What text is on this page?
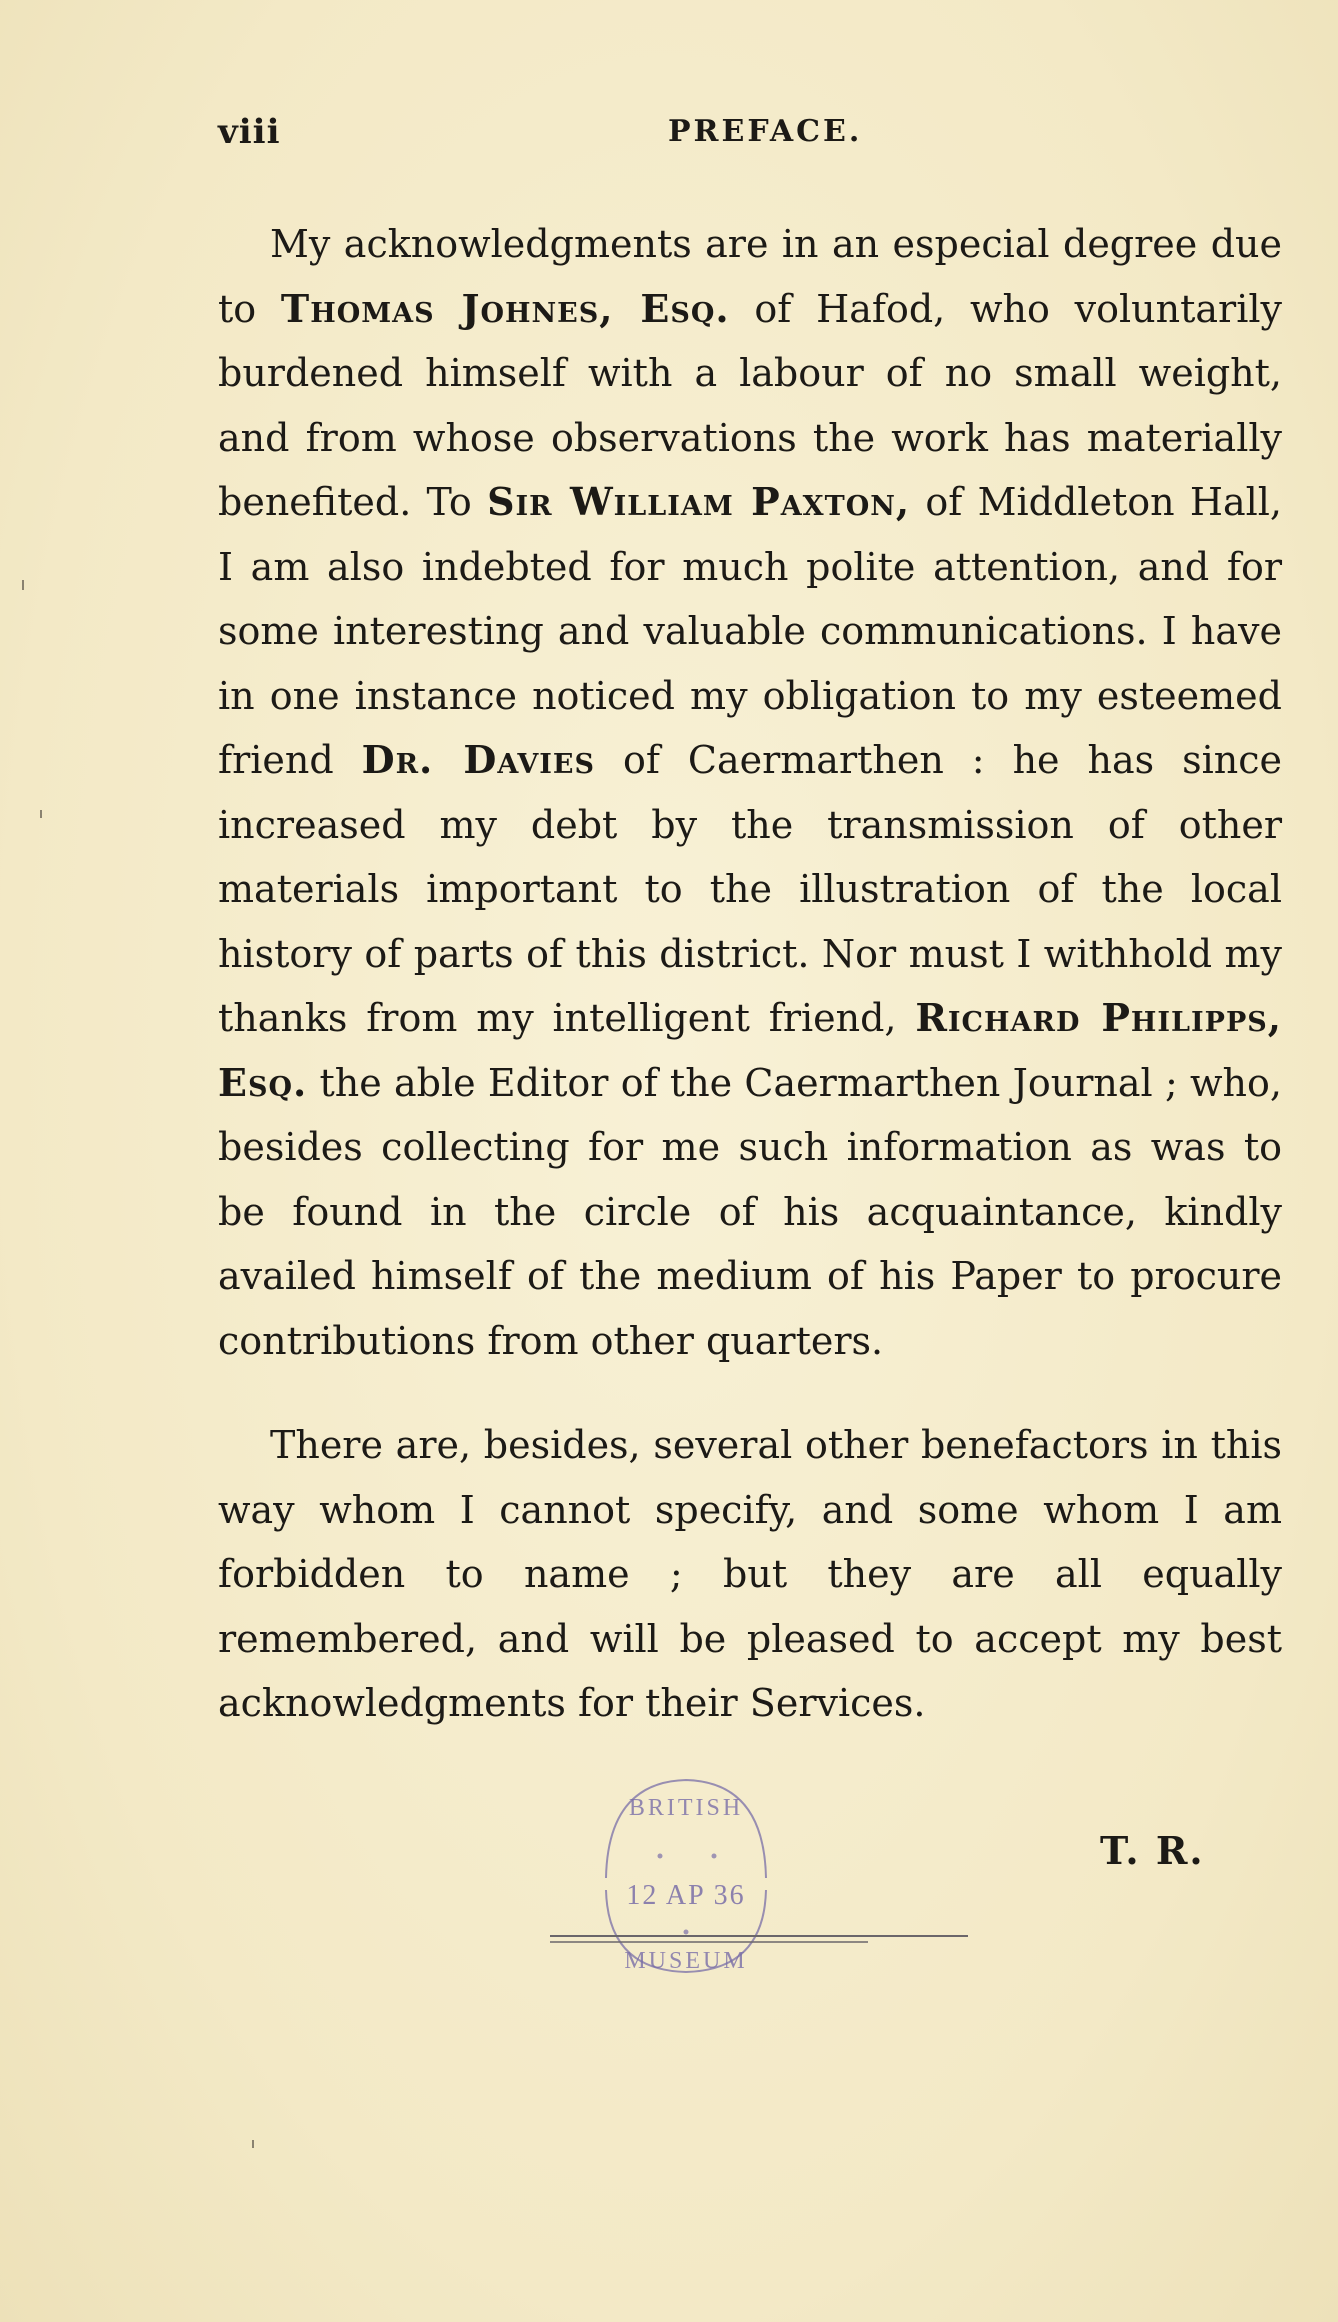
viii	PREFACE.

My acknowledgments are in an especial degree due to Thomas Johnes, Esq. of Hafod, who voluntarily burdened himself with a labour of no small weight, and from whose observations the work has materially benefited. To Sir William Paxton, of Middleton Hall, I am also indebted for much polite attention, and for some interesting and valuable communications. I have in one instance noticed my obligation to my esteemed friend Dr. Davies of Caermarthen : he has since increased my debt by the transmission of other materials important to the illustration of the local history of parts of this district. Nor must I withhold my thanks from my intelligent friend, Richard Philipps, Esq. the able Editor of the Caermarthen Journal ; who, besides collecting for me such information as was to be found in the circle of his acquaintance, kindly availed himself of the medium of his Paper to procure contributions from other quarters.

There are, besides, several other benefactors in this way whom I cannot specify, and some whom I am forbidden to name ; but they are all equally remembered, and will be pleased to accept my best acknowledgments for their Services.

T. R.
BRITISH
12 AP 36
MUSEUM
